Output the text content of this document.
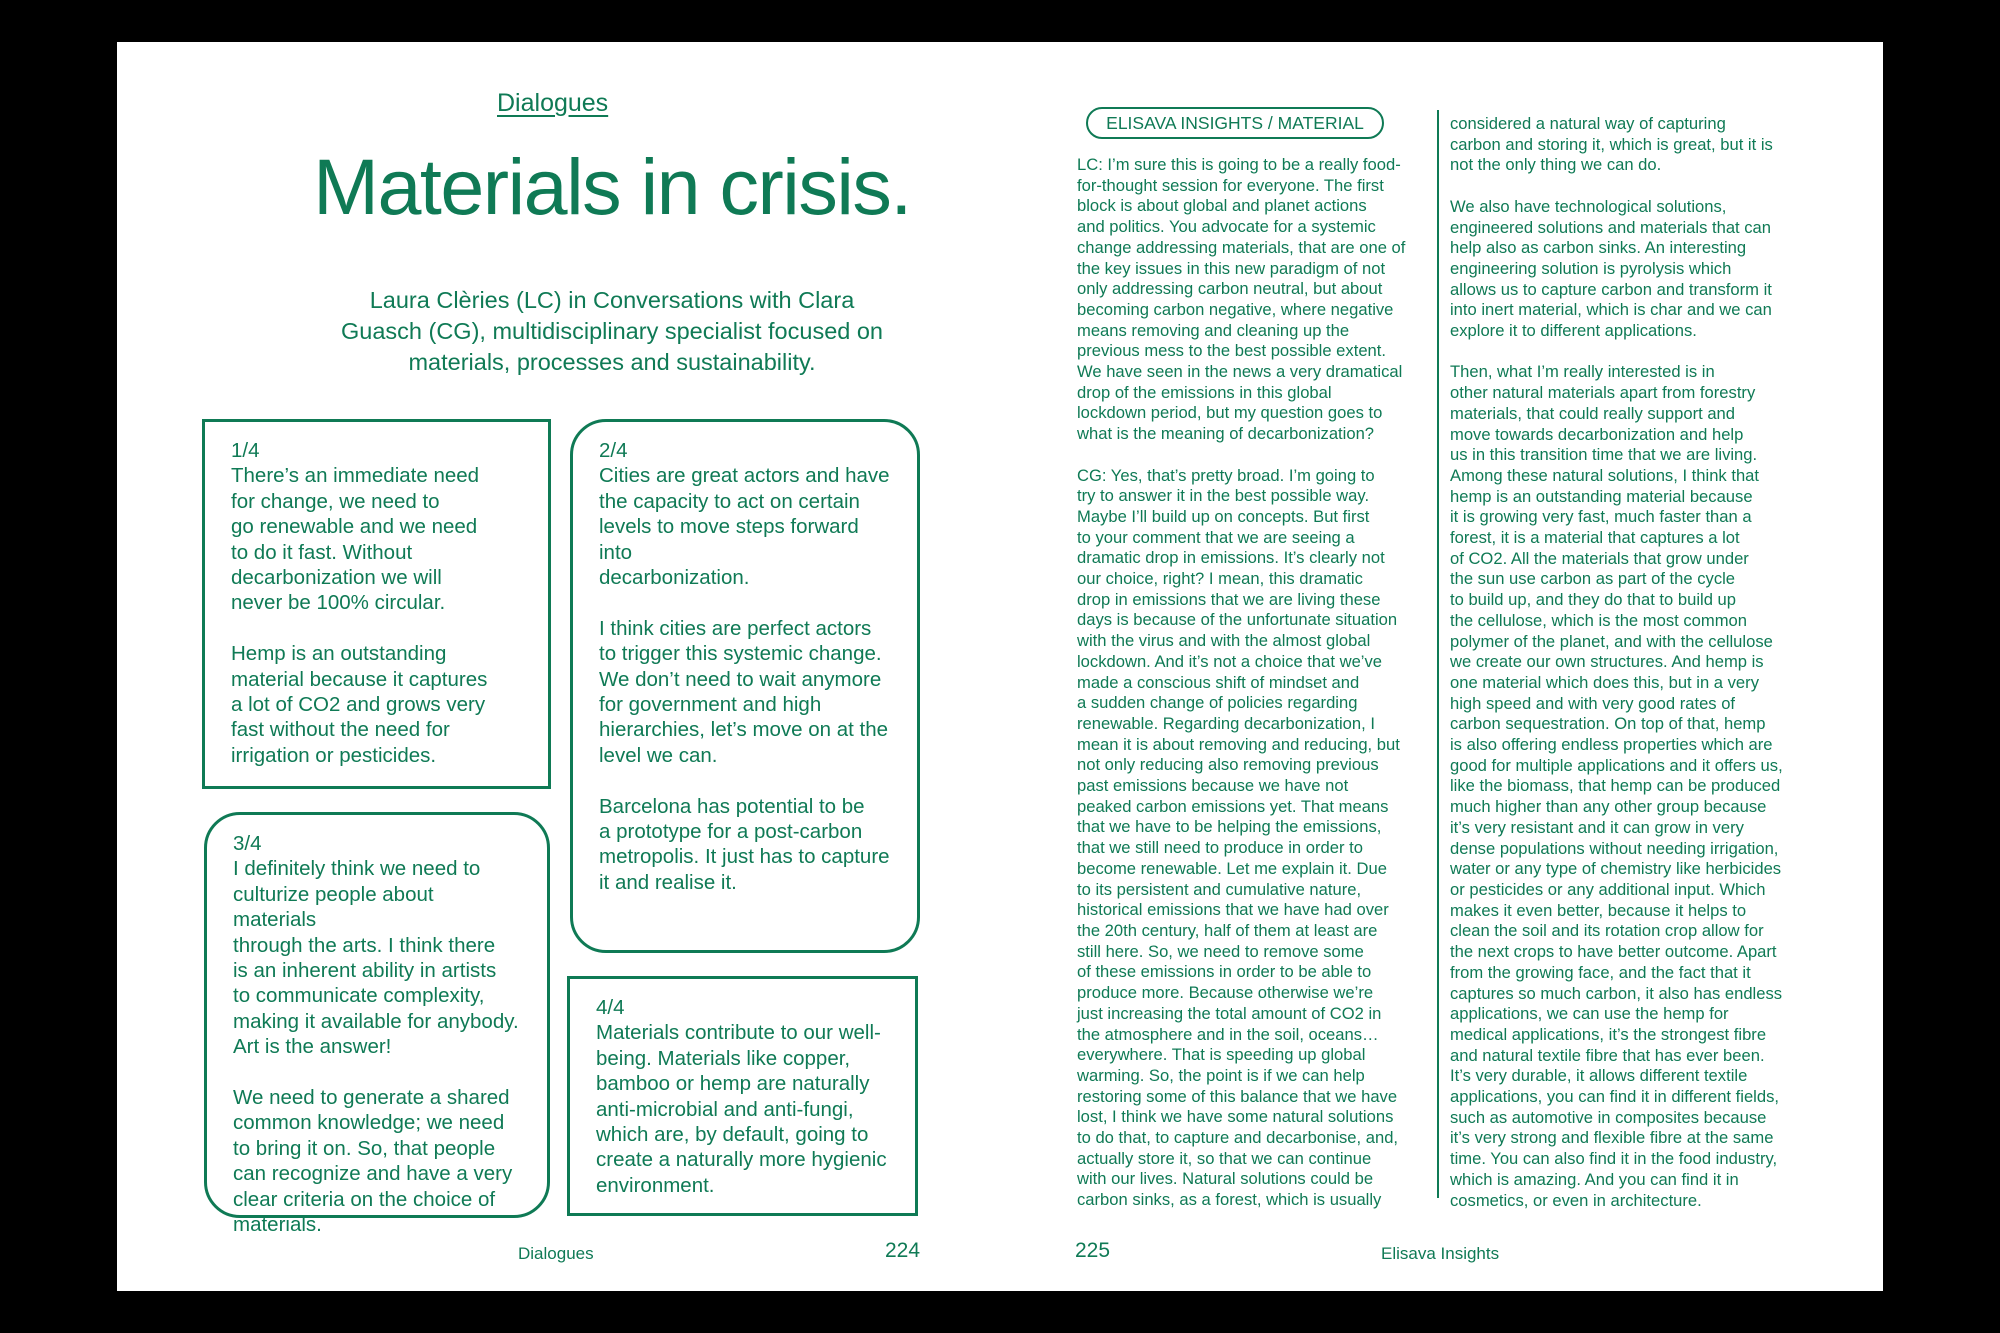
Dialogues
Materials in crisis.
Laura Clèries (LC) in Conversations with Clara
Guasch (CG), multidisciplinary specialist focused on
materials, processes and sustainability.
1/4

There’s an immediate need
for change, we need to
go renewable and we need
to do it fast. Without
decarbonization we will
never be 100% circular.

Hemp is an outstanding
material because it captures
a lot of CO2 and grows very
fast without the need for
irrigation or pesticides.

2/4

Cities are great actors and have
the capacity to act on certain
levels to move steps forward into
decarbonization.

I think cities are perfect actors
to trigger this systemic change.
We don’t need to wait anymore
for government and high
hierarchies, let’s move on at the
level we can.

Barcelona has potential to be
a prototype for a post-carbon
metropolis. It just has to capture
it and realise it.

3/4

I definitely think we need to
culturize people about materials
through the arts. I think there
is an inherent ability in artists
to communicate complexity,
making it available for anybody.
Art is the answer!

We need to generate a shared
common knowledge; we need
to bring it on. So, that people
can recognize and have a very
clear criteria on the choice of
materials.

4/4

Materials contribute to our well-
being. Materials like copper,
bamboo or hemp are naturally
anti-microbial and anti-fungi,
which are, by default, going to
create a naturally more hygienic
environment.

Dialogues	224
ELISAVA INSIGHTS / MATERIAL

LC: I’m sure this is going to be a really food-
for-thought session for everyone. The first
block is about global and planet actions
and politics. You advocate for a systemic
change addressing materials, that are one of
the key issues in this new paradigm of not
only addressing carbon neutral, but about
becoming carbon negative, where negative
means removing and cleaning up the
previous mess to the best possible extent.
We have seen in the news a very dramatical
drop of the emissions in this global
lockdown period, but my question goes to
what is the meaning of decarbonization?

CG: Yes, that’s pretty broad. I’m going to
try to answer it in the best possible way.
Maybe I’ll build up on concepts. But first
to your comment that we are seeing a
dramatic drop in emissions. It’s clearly not
our choice, right? I mean, this dramatic
drop in emissions that we are living these
days is because of the unfortunate situation
with the virus and with the almost global
lockdown. And it’s not a choice that we’ve
made a conscious shift of mindset and
a sudden change of policies regarding
renewable. Regarding decarbonization, I
mean it is about removing and reducing, but
not only reducing also removing previous
past emissions because we have not
peaked carbon emissions yet. That means
that we have to be helping the emissions,
that we still need to produce in order to
become renewable. Let me explain it. Due
to its persistent and cumulative nature,
historical emissions that we have had over
the 20th century, half of them at least are
still here. So, we need to remove some
of these emissions in order to be able to
produce more. Because otherwise we’re
just increasing the total amount of CO2 in
the atmosphere and in the soil, oceans…
everywhere. That is speeding up global
warming. So, the point is if we can help
restoring some of this balance that we have
lost, I think we have some natural solutions
to do that, to capture and decarbonise, and,
actually store it, so that we can continue
with our lives. Natural solutions could be
carbon sinks, as a forest, which is usually

considered a natural way of capturing
carbon and storing it, which is great, but it is
not the only thing we can do.

We also have technological solutions,
engineered solutions and materials that can
help also as carbon sinks. An interesting
engineering solution is pyrolysis which
allows us to capture carbon and transform it
into inert material, which is char and we can
explore it to different applications.

Then, what I’m really interested is in
other natural materials apart from forestry
materials, that could really support and
move towards decarbonization and help
us in this transition time that we are living.
Among these natural solutions, I think that
hemp is an outstanding material because
it is growing very fast, much faster than a
forest, it is a material that captures a lot
of CO2. All the materials that grow under
the sun use carbon as part of the cycle
to build up, and they do that to build up
the cellulose, which is the most common
polymer of the planet, and with the cellulose
we create our own structures. And hemp is
one material which does this, but in a very
high speed and with very good rates of
carbon sequestration. On top of that, hemp
is also offering endless properties which are
good for multiple applications and it offers us,
like the biomass, that hemp can be produced
much higher than any other group because
it’s very resistant and it can grow in very
dense populations without needing irrigation,
water or any type of chemistry like herbicides
or pesticides or any additional input. Which
makes it even better, because it helps to
clean the soil and its rotation crop allow for
the next crops to have better outcome. Apart
from the growing face, and the fact that it
captures so much carbon, it also has endless
applications, we can use the hemp for
medical applications, it’s the strongest fibre
and natural textile fibre that has ever been.
It’s very durable, it allows different textile
applications, you can find it in different fields,
such as automotive in composites because
it’s very strong and flexible fibre at the same
time. You can also find it in the food industry,
which is amazing. And you can find it in
cosmetics, or even in architecture.

225	Elisava Insights
